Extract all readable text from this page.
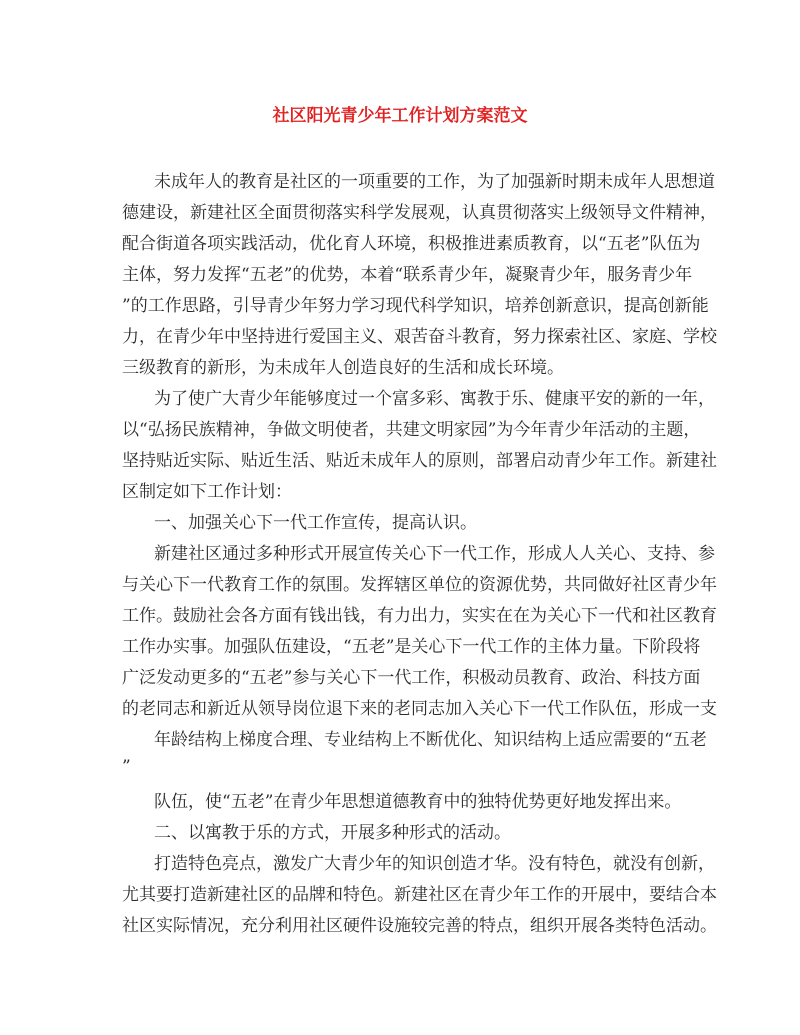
社区阳光青少年工作计划方案范文
未成年人的教育是社区的一项重要的工作，为了加强新时期未成年人思想道
德建设，新建社区全面贯彻落实科学发展观，认真贯彻落实上级领导文件精神，
配合街道各项实践活动，优化育人环境，积极推进素质教育，以“五老”队伍为
主体，努力发挥“五老”的优势，本着“联系青少年，凝聚青少年，服务青少年
”的工作思路，引导青少年努力学习现代科学知识，培养创新意识，提高创新能
力，在青少年中坚持进行爱国主义、艰苦奋斗教育，努力探索社区、家庭、学校
三级教育的新形，为未成年人创造良好的生活和成长环境。
为了使广大青少年能够度过一个富多彩、寓教于乐、健康平安的新的一年，
以“弘扬民族精神，争做文明使者，共建文明家园”为今年青少年活动的主题，
坚持贴近实际、贴近生活、贴近未成年人的原则，部署启动青少年工作。新建社
区制定如下工作计划：
一、加强关心下一代工作宣传，提高认识。
新建社区通过多种形式开展宣传关心下一代工作，形成人人关心、支持、参
与关心下一代教育工作的氛围。发挥辖区单位的资源优势，共同做好社区青少年
工作。鼓励社会各方面有钱出钱，有力出力，实实在在为关心下一代和社区教育
工作办实事。加强队伍建设，“五老”是关心下一代工作的主体力量。下阶段将
广泛发动更多的“五老”参与关心下一代工作，积极动员教育、政治、科技方面
的老同志和新近从领导岗位退下来的老同志加入关心下一代工作队伍，形成一支
年龄结构上梯度合理、专业结构上不断优化、知识结构上适应需要的“五老
”
队伍，使“五老”在青少年思想道德教育中的独特优势更好地发挥出来。
二、以寓教于乐的方式，开展多种形式的活动。
打造特色亮点，激发广大青少年的知识创造才华。没有特色，就没有创新，
尤其要打造新建社区的品牌和特色。新建社区在青少年工作的开展中，要结合本
社区实际情况，充分利用社区硬件设施较完善的特点，组织开展各类特色活动。
